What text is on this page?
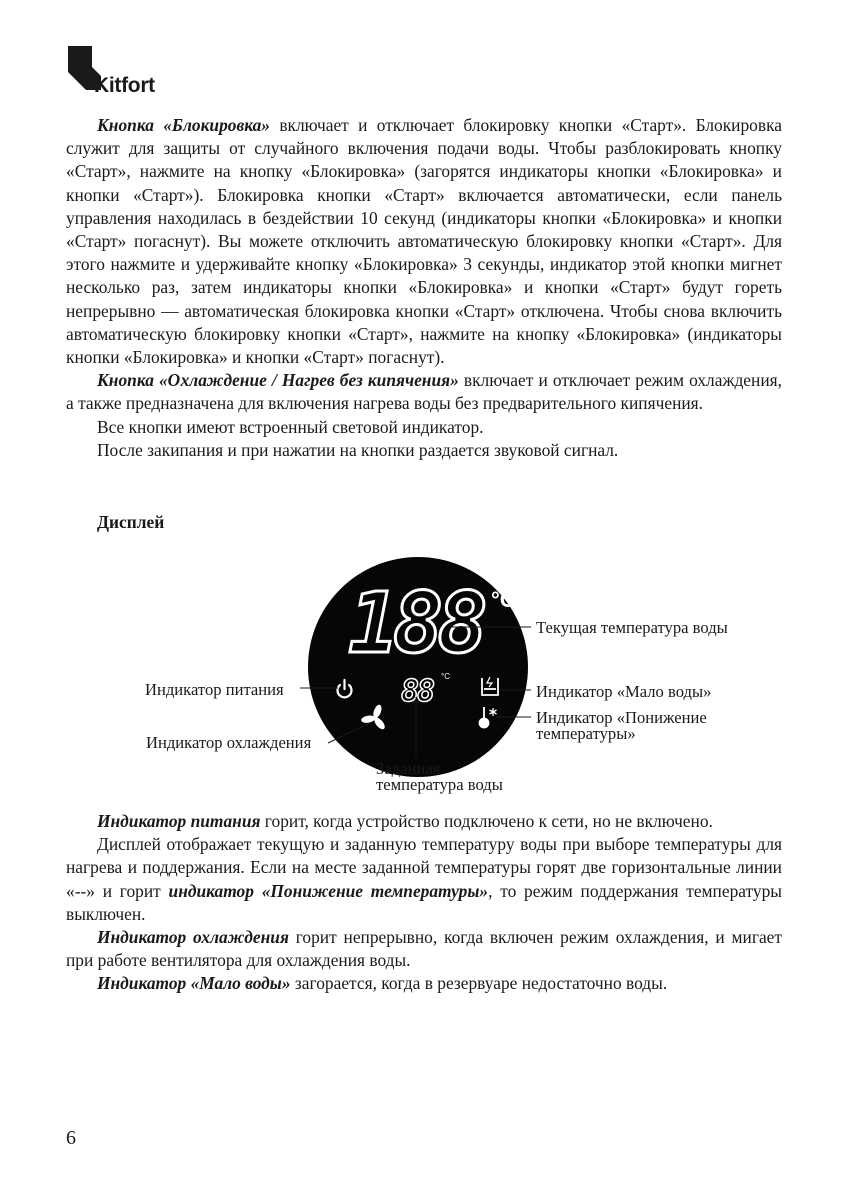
Kitfort

Кнопка «Блокировка» включает и отключает блокировку кнопки «Старт». Блокировка служит для защиты от случайного включения подачи воды. Чтобы разблокировать кнопку «Старт», нажмите на кнопку «Блокировка» (загорятся индикаторы кнопки «Блокировка» и кнопки «Старт»). Блокировка кнопки «Старт» включается автоматически, если панель управления находилась в бездействии 10 секунд (индикаторы кнопки «Блокировка» и кнопки «Старт» погаснут). Вы можете отключить автоматическую блокировку кнопки «Старт». Для этого нажмите и удерживайте кнопку «Блокировка» 3 секунды, индикатор этой кнопки мигнет несколько раз, затем индикаторы кнопки «Блокировка» и кнопки «Старт» будут гореть непрерывно — автоматическая блокировка кнопки «Старт» отключена. Чтобы снова включить автоматическую блокировку кнопки «Старт», нажмите на кнопку «Блокировка» (индикаторы кнопки «Блокировка» и кнопки «Старт» погаснут).

Кнопка «Охлаждение / Нагрев без кипячения» включает и отключает режим охлаждения, а также предназначена для включения нагрева воды без предварительного кипячения.

Все кнопки имеют встроенный световой индикатор.

После закипания и при нажатии на кнопки раздается звуковой сигнал.

Дисплей
188 °C
88 °C
Текущая температура воды
Индикатор питания	Индикатор «Мало воды»
Индикатор «Понижение
температуры»
Индикатор охлаждения
Заданная
температура воды

Индикатор питания горит, когда устройство подключено к сети, но не включено.

Дисплей отображает текущую и заданную температуру воды при выборе температуры для нагрева и поддержания. Если на месте заданной температуры горят две горизонтальные линии «--» и горит индикатор «Понижение температуры», то режим поддержания температуры выключен.

Индикатор охлаждения горит непрерывно, когда включен режим охлаждения, и мигает при работе вентилятора для охлаждения воды.

Индикатор «Мало воды» загорается, когда в резервуаре недостаточно воды.

6
